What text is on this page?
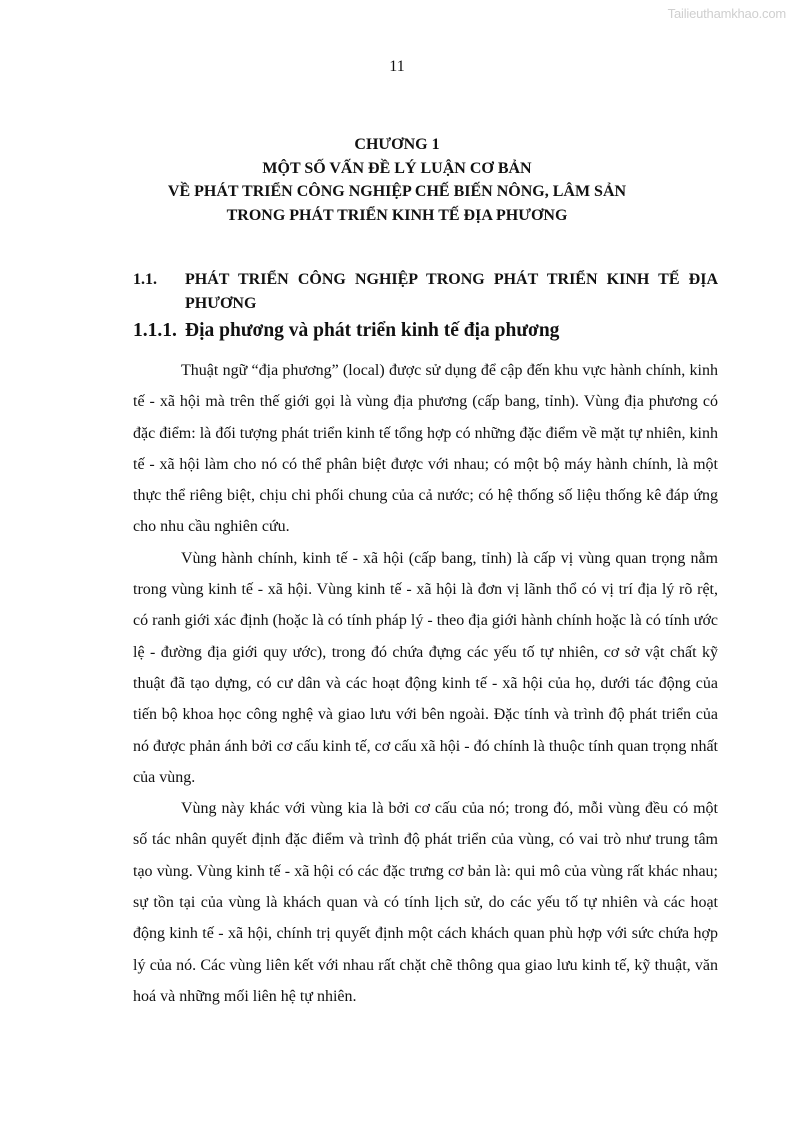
Tailieuthamkhao.com
11
CHƯƠNG 1
MỘT SỐ VẤN ĐỀ LÝ LUẬN CƠ BẢN
VỀ PHÁT TRIỂN CÔNG NGHIỆP CHẾ BIẾN NÔNG, LÂM SẢN
TRONG PHÁT TRIỂN KINH TẾ ĐỊA PHƯƠNG
1.1. PHÁT TRIỂN CÔNG NGHIỆP TRONG PHÁT TRIỂN KINH TẾ ĐỊA PHƯƠNG
1.1.1. Địa phương và phát triển kinh tế địa phương

Thuật ngữ “địa phương” (local) được sử dụng để cập đến khu vực hành chính, kinh tế - xã hội mà trên thế giới gọi là vùng địa phương (cấp bang, tỉnh). Vùng địa phương có đặc điểm: là đối tượng phát triển kinh tế tổng hợp có những đặc điểm về mặt tự nhiên, kinh tế - xã hội làm cho nó có thể phân biệt được với nhau; có một bộ máy hành chính, là một thực thể riêng biệt, chịu chi phối chung của cả nước; có hệ thống số liệu thống kê đáp ứng cho nhu cầu nghiên cứu.

Vùng hành chính, kinh tế - xã hội (cấp bang, tỉnh) là cấp vị vùng quan trọng nằm trong vùng kinh tế - xã hội. Vùng kinh tế - xã hội là đơn vị lãnh thổ có vị trí địa lý rõ rệt, có ranh giới xác định (hoặc là có tính pháp lý - theo địa giới hành chính hoặc là có tính ước lệ - đường địa giới quy ước), trong đó chứa đựng các yếu tố tự nhiên, cơ sở vật chất kỹ thuật đã tạo dựng, có cư dân và các hoạt động kinh tế - xã hội của họ, dưới tác động của tiến bộ khoa học công nghệ và giao lưu với bên ngoài. Đặc tính và trình độ phát triển của nó được phản ánh bởi cơ cấu kinh tế, cơ cấu xã hội - đó chính là thuộc tính quan trọng nhất của vùng.

Vùng này khác với vùng kia là bởi cơ cấu của nó; trong đó, mỗi vùng đều có một số tác nhân quyết định đặc điểm và trình độ phát triển của vùng, có vai trò như trung tâm tạo vùng. Vùng kinh tế - xã hội có các đặc trưng cơ bản là: qui mô của vùng rất khác nhau; sự tồn tại của vùng là khách quan và có tính lịch sử, do các yếu tố tự nhiên và các hoạt động kinh tế - xã hội, chính trị quyết định một cách khách quan phù hợp với sức chứa hợp lý của nó. Các vùng liên kết với nhau rất chặt chẽ thông qua giao lưu kinh tế, kỹ thuật, văn hoá và những mối liên hệ tự nhiên.
